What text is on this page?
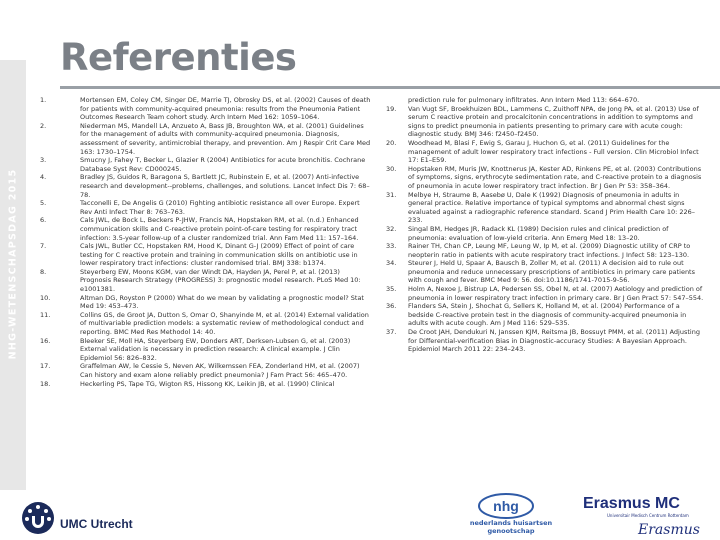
NHG-WETENSCHAPSDAG 2015
Referenties
1.	Mortensen EM, Coley CM, Singer DE, Marrie TJ, Obrosky DS, et al. (2002) Causes of death for patients with community-acquired pneumonia: results from the Pneumonia Patient Outcomes Research Team cohort study. Arch Intern Med 162: 1059–1064.
2.	Niederman MS, Mandell LA, Anzueto A, Bass JB, Broughton WA, et al. (2001) Guidelines for the management of adults with community-acquired pneumonia. Diagnosis, assessment of severity, antimicrobial therapy, and prevention. Am J Respir Crit Care Med 163: 1730–1754.
3.	Smucny J, Fahey T, Becker L, Glazier R (2004) Antibiotics for acute bronchitis. Cochrane Database Syst Rev: CD000245.
4.	Bradley JS, Guidos R, Baragona S, Bartlett JC, Rubinstein E, et al. (2007) Anti-infective research and development--problems, challenges, and solutions. Lancet Infect Dis 7: 68–78.
5.	Tacconelli E, De Angelis G (2010) Fighting antibiotic resistance all over Europe. Expert Rev Anti Infect Ther 8: 763–763.
6.	Cals JWL, de Bock L, Beckers P-JHW, Francis NA, Hopstaken RM, et al. (n.d.) Enhanced communication skills and C-reactive protein point-of-care testing for respiratory tract infection: 3.5-year follow-up of a cluster randomized trial. Ann Fam Med 11: 157–164.
7.	Cals JWL, Butler CC, Hopstaken RM, Hood K, Dinant G-J (2009) Effect of point of care testing for C reactive protein and training in communication skills on antibiotic use in lower respiratory tract infections: cluster randomised trial. BMJ 338: b1374.
8.	Steyerberg EW, Moons KGM, van der Windt DA, Hayden JA, Perel P, et al. (2013) Prognosis Research Strategy (PROGRESS) 3: prognostic model research. PLoS Med 10: e1001381.
10.	Altman DG, Royston P (2000) What do we mean by validating a prognostic model? Stat Med 19: 453–473.
11.	Collins GS, de Groot JA, Dutton S, Omar O, Shanyinde M, et al. (2014) External validation of multivariable prediction models: a systematic review of methodological conduct and reporting. BMC Med Res Methodol 14: 40.
16.	Bleeker SE, Moll HA, Steyerberg EW, Donders ART, Derksen-Lubsen G, et al. (2003) External validation is necessary in prediction research: A clinical example. J Clin Epidemiol 56: 826–832.
17.	Graffelman AW, le Cessie S, Neven AK, Wilkemssen FEA, Zonderland HM, et al. (2007) Can history and exam alone reliably predict pneumonia? J Fam Pract 56: 465–470.
18.	Heckerling PS, Tape TG, Wigton RS, Hissong KK, Leikin JB, et al. (1990) Clinical
prediction rule for pulmonary infiltrates. Ann Intern Med 113: 664–670.
19. Van Vugt SF, Broekhuizen BDL, Lammens C, Zuithoff NPA, de Jong PA, et al. (2013) Use of serum C reactive protein and procalcitonin concentrations in addition to symptoms and signs to predict pneumonia in patients presenting to primary care with acute cough: diagnostic study. BMJ 346: f2450–f2450.
20. Woodhead M, Blasi F, Ewig S, Garau J, Huchon G, et al. (2011) Guidelines for the management of adult lower respiratory tract infections - Full version. Clin Microbiol Infect 17: E1–E59.
30. Hopstaken RM, Muris JW, Knottnerus JA, Kester AD, Rinkens PE, et al. (2003) Contributions of symptoms, signs, erythrocyte sedimentation rate, and C-reactive protein to a diagnosis of pneumonia in acute lower respiratory tract infection. Br J Gen Pr 53: 358–364.
31. Melbye H, Straume B, Aasebø U, Dale K (1992) Diagnosis of pneumonia in adults in general practice. Relative importance of typical symptoms and abnormal chest signs evaluated against a radiographic reference standard. Scand J Prim Health Care 10: 226–233.
32. Singal BM, Hedges JR, Radack KL (1989) Decision rules and clinical prediction of pneumonia: evaluation of low-yield criteria. Ann Emerg Med 18: 13–20.
33. Rainer TH, Chan CP, Leung MF, Leung W, Ip M, et al. (2009) Diagnostic utility of CRP to neopterin ratio in patients with acute respiratory tract infections. J Infect 58: 123–130.
34. Steurer J, Held U, Spaar A, Bausch B, Zoller M, et al. (2011) A decision aid to rule out pneumonia and reduce unnecessary prescriptions of antibiotics in primary care patients with cough and fever. BMC Med 9: 56. doi:10.1186/1741-7015-9-56.
35. Holm A, Nexoe J, Bistrup LA, Pedersen SS, Obel N, et al. (2007) Aetiology and prediction of pneumonia in lower respiratory tract infection in primary care. Br J Gen Pract 57: 547–554.
36. Flanders SA, Stein J, Shochat G, Sellers K, Holland M, et al. (2004) Performance of a bedside C-reactive protein test in the diagnosis of community-acquired pneumonia in adults with acute cough. Am J Med 116: 529–535.
37. De Croot JAH, Dendukuri N, Janssen KJM, Reitsma JB, Bossuyt PMM, et al. (2011) Adjusting for Differential-verification Bias in Diagnostic-accuracy Studies: A Bayesian Approach. Epidemiol March 2011 22: 234–243.
UMC Utrecht
nhg
nederlands huisartsen genootschap
Erasmus MC
Universitair Medisch Centrum Rotterdam
Erasmus
